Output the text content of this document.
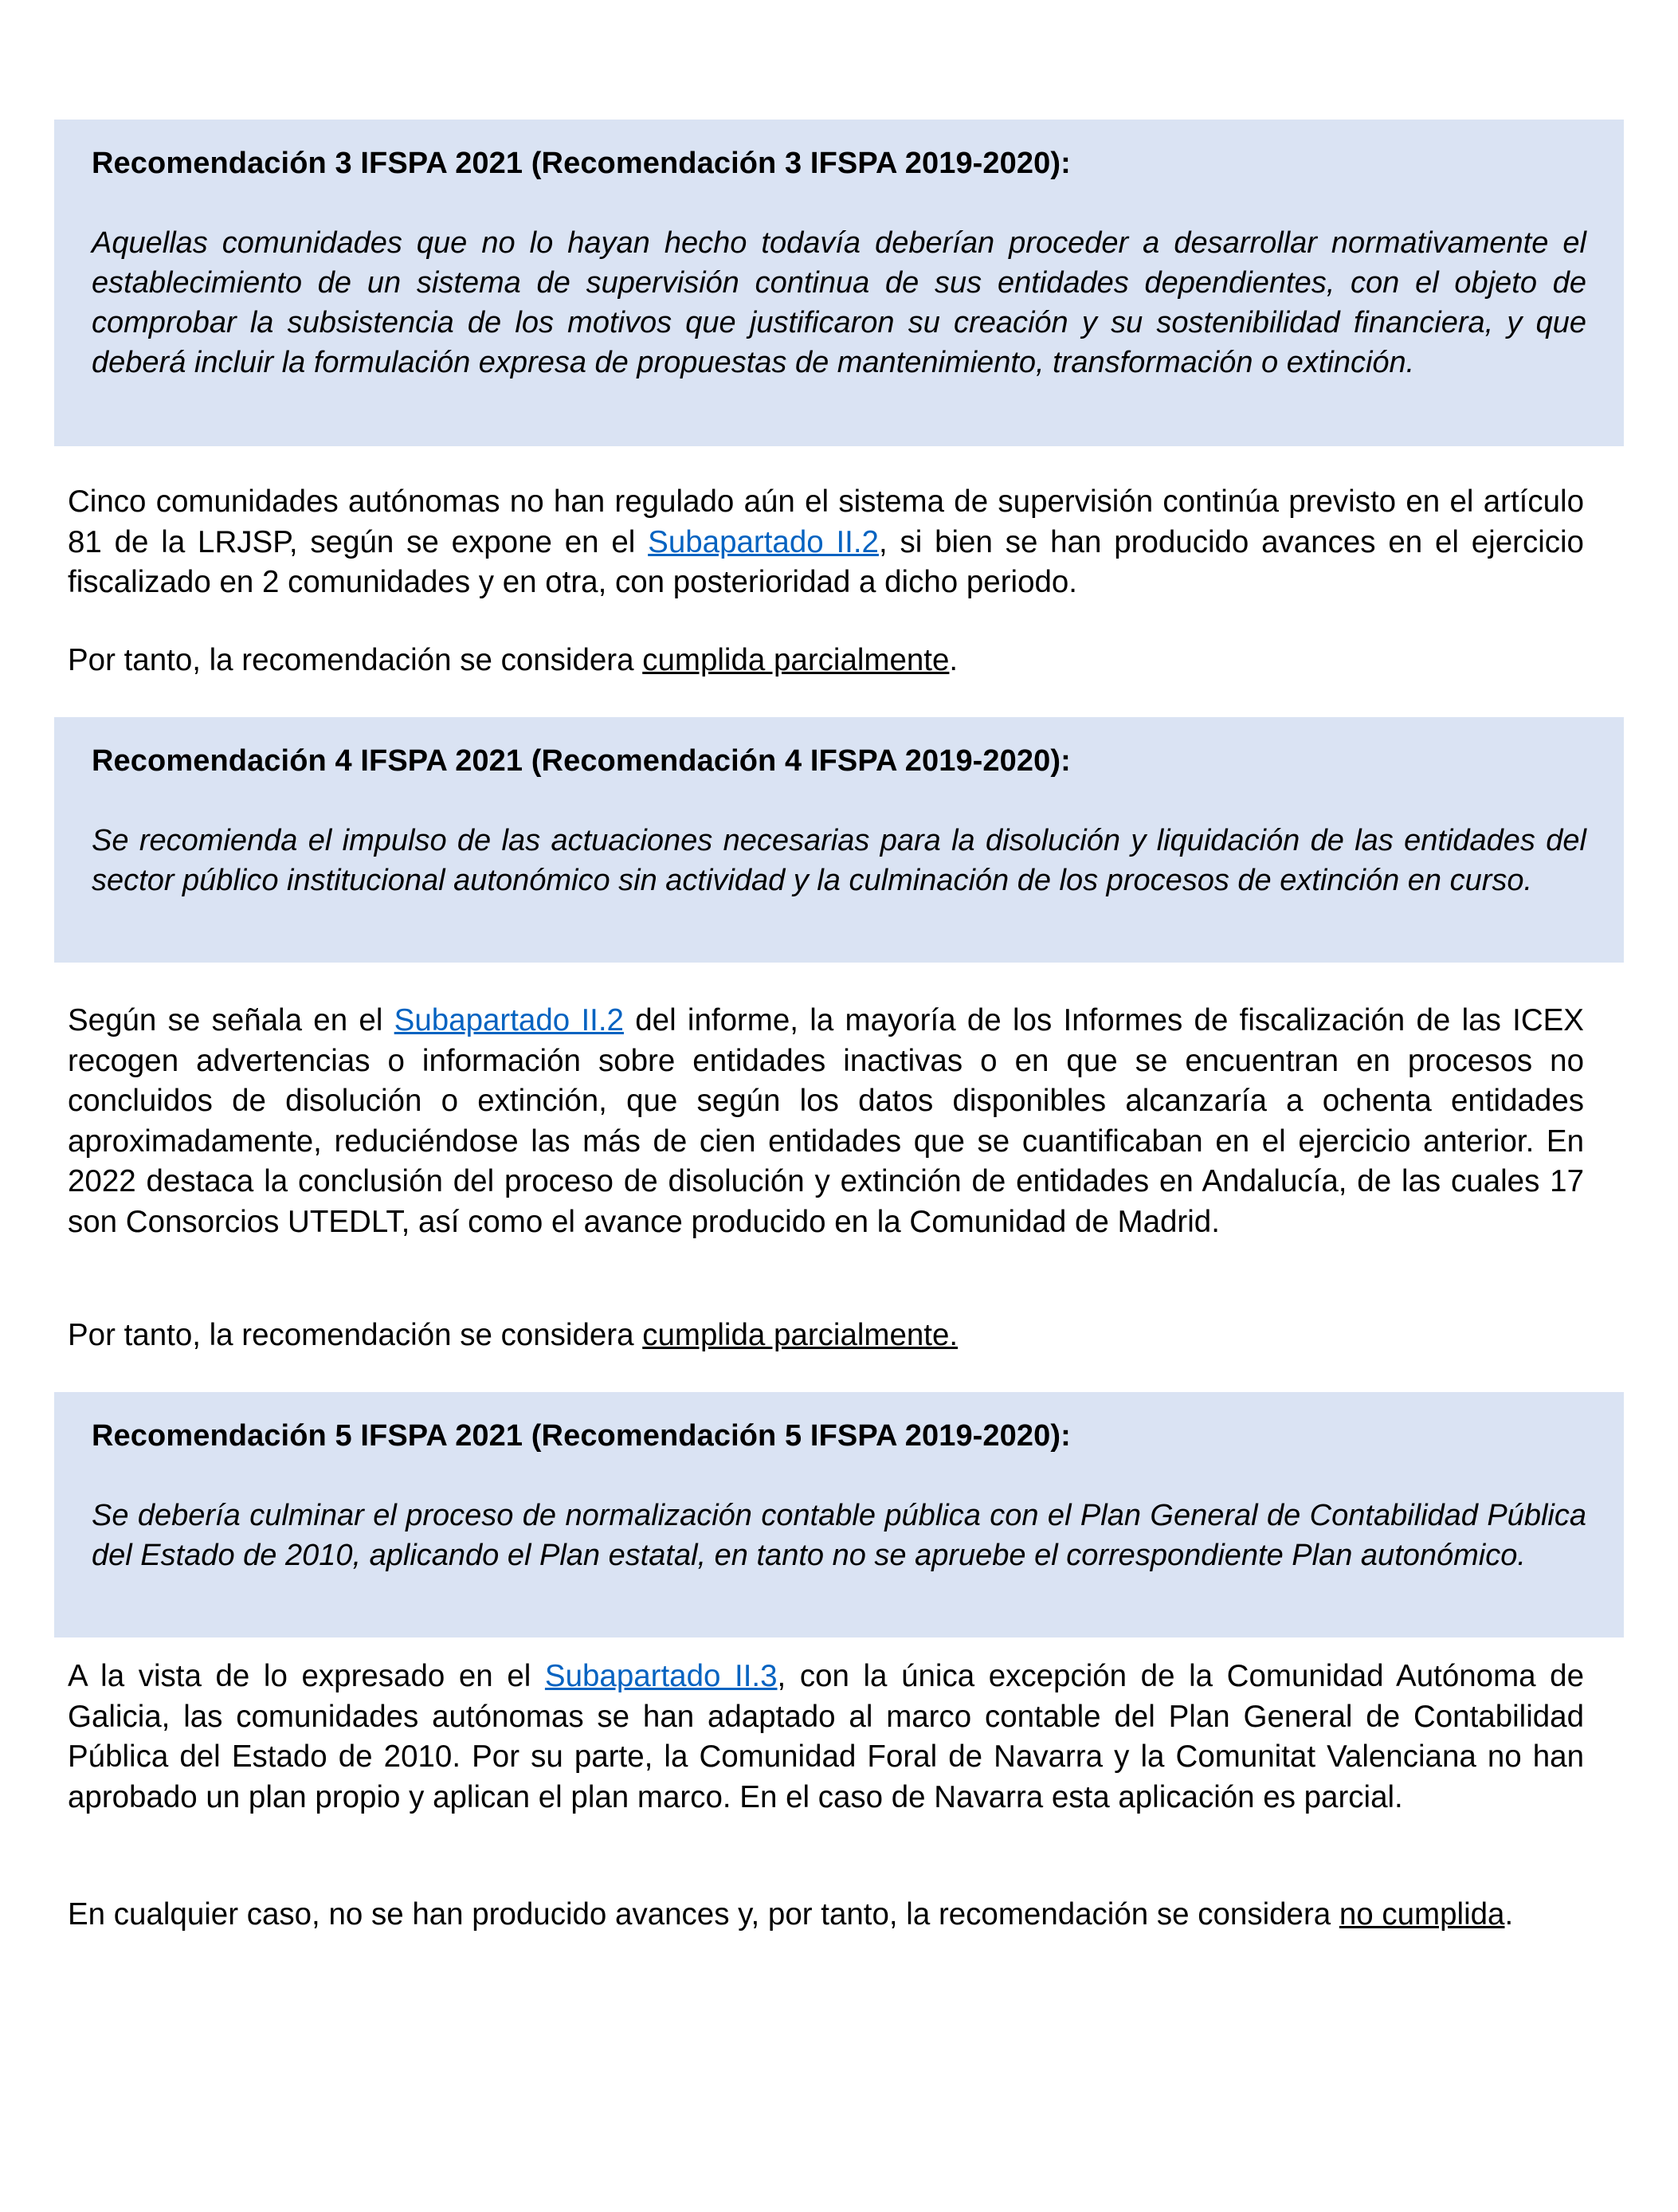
Recomendación 3 IFSPA 2021 (Recomendación 3 IFSPA 2019-2020):

Aquellas comunidades que no lo hayan hecho todavía deberían proceder a desarrollar normativamente el establecimiento de un sistema de supervisión continua de sus entidades dependientes, con el objeto de comprobar la subsistencia de los motivos que justificaron su creación y su sostenibilidad financiera, y que deberá incluir la formulación expresa de propuestas de mantenimiento, transformación o extinción.

Cinco comunidades autónomas no han regulado aún el sistema de supervisión continúa previsto en el artículo 81 de la LRJSP, según se expone en el Subapartado II.2, si bien se han producido avances en el ejercicio fiscalizado en 2 comunidades y en otra, con posterioridad a dicho periodo.

Por tanto, la recomendación se considera cumplida parcialmente.

Recomendación 4 IFSPA 2021 (Recomendación 4 IFSPA 2019-2020):

Se recomienda el impulso de las actuaciones necesarias para la disolución y liquidación de las entidades del sector público institucional autonómico sin actividad y la culminación de los procesos de extinción en curso.

Según se señala en el Subapartado II.2 del informe, la mayoría de los Informes de fiscalización de las ICEX recogen advertencias o información sobre entidades inactivas o en que se encuentran en procesos no concluidos de disolución o extinción, que según los datos disponibles alcanzaría a ochenta entidades aproximadamente, reduciéndose las más de cien entidades que se cuantificaban en el ejercicio anterior. En 2022 destaca la conclusión del proceso de disolución y extinción de entidades en Andalucía, de las cuales 17 son Consorcios UTEDLT, así como el avance producido en la Comunidad de Madrid.

Por tanto, la recomendación se considera cumplida parcialmente.

Recomendación 5 IFSPA 2021 (Recomendación 5 IFSPA 2019-2020):

Se debería culminar el proceso de normalización contable pública con el Plan General de Contabilidad Pública del Estado de 2010, aplicando el Plan estatal, en tanto no se apruebe el correspondiente Plan autonómico.

A la vista de lo expresado en el Subapartado II.3, con la única excepción de la Comunidad Autónoma de Galicia, las comunidades autónomas se han adaptado al marco contable del Plan General de Contabilidad Pública del Estado de 2010. Por su parte, la Comunidad Foral de Navarra y la Comunitat Valenciana no han aprobado un plan propio y aplican el plan marco. En el caso de Navarra esta aplicación es parcial.

En cualquier caso, no se han producido avances y, por tanto, la recomendación se considera no cumplida.
